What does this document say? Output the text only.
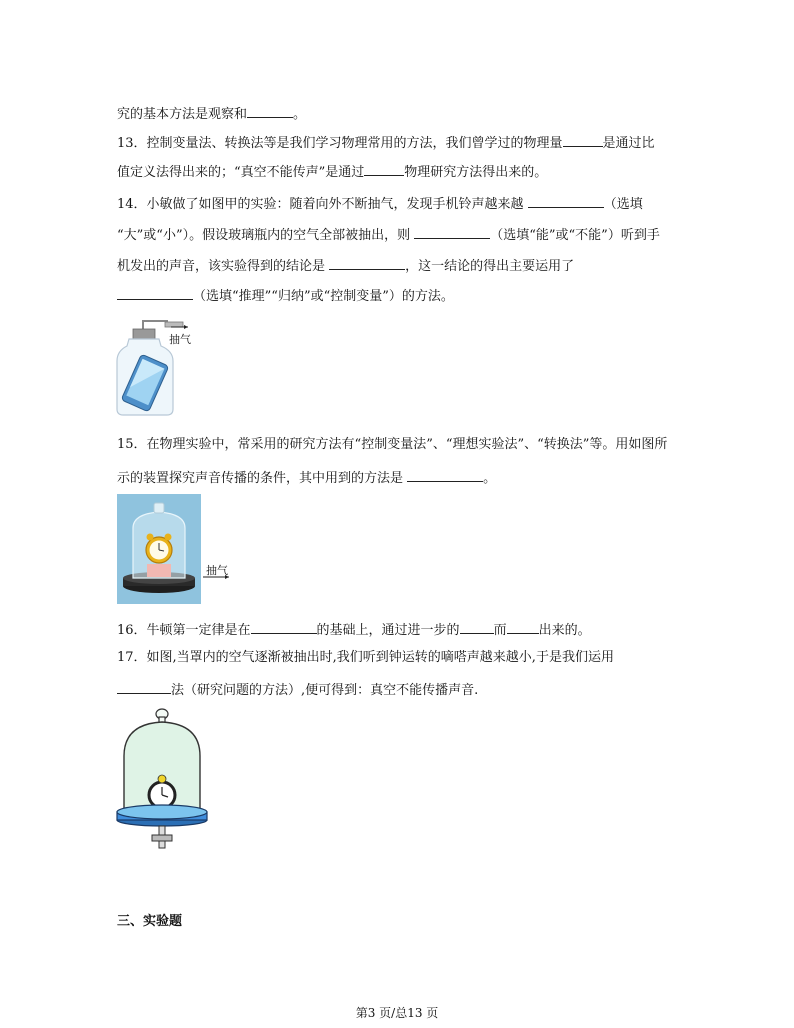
究的基本方法是观察和	。
13．控制变量法、转换法等是我们学习物理常用的方法，我们曾学过的物理量	是通过比
值定义法得出来的；“真空不能传声”是通过	物理研究方法得出来的。
14．小敏做了如图甲的实验：随着向外不断抽气，发现手机铃声越来越	（选填
“大”或“小”）。假设玻璃瓶内的空气全部被抽出，则	（选填“能”或“不能”）听到手
机发出的声音，该实验得到的结论是	，这一结论的得出主要运用了
（选填“推理”“归纳”或“控制变量”）的方法。
抽气
15．在物理实验中，常采用的研究方法有“控制变量法”、“理想实验法”、“转换法”等。用如图所
示的装置探究声音传播的条件，其中用到的方法是	。
抽气
16．牛顿第一定律是在	的基础上，通过进一步的	而 出来的。
17．如图,当罩内的空气逐渐被抽出时,我们听到钟运转的嘀嗒声越来越小,于是我们运用
法（研究问题的方法）,便可得到：真空不能传播声音.
三、实验题
第3 页/总13 页
